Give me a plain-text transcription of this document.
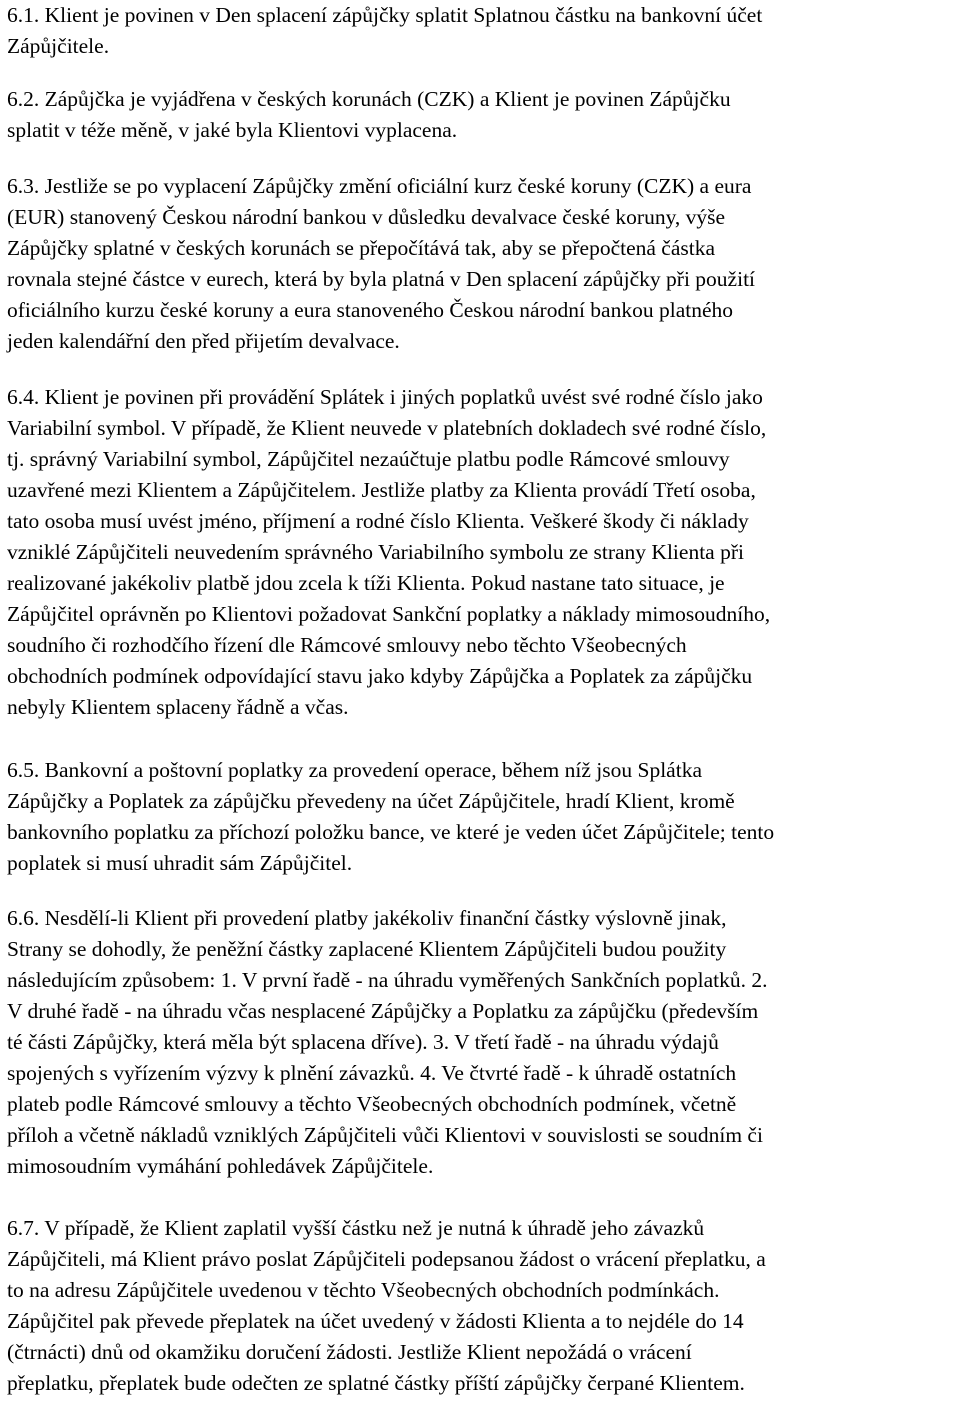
6.1. Klient je povinen v Den splacení zápůjčky splatit Splatnou částku na bankovní účet
Zápůjčitele.
6.2. Zápůjčka je vyjádřena v českých korunách (CZK) a Klient je povinen Zápůjčku
splatit v téže měně, v jaké byla Klientovi vyplacena.
6.3. Jestliže se po vyplacení Zápůjčky změní oficiální kurz české koruny (CZK) a eura
(EUR) stanovený Českou národní bankou v důsledku devalvace české koruny, výše
Zápůjčky splatné v českých korunách se přepočítává tak, aby se přepočtená částka
rovnala stejné částce v eurech, která by byla platná v Den splacení zápůjčky při použití
oficiálního kurzu české koruny a eura stanoveného Českou národní bankou platného
jeden kalendářní den před přijetím devalvace.
6.4. Klient je povinen při provádění Splátek i jiných poplatků uvést své rodné číslo jako
Variabilní symbol. V případě, že Klient neuvede v platebních dokladech své rodné číslo,
tj. správný Variabilní symbol, Zápůjčitel nezaúčtuje platbu podle Rámcové smlouvy
uzavřené mezi Klientem a Zápůjčitelem. Jestliže platby za Klienta provádí Třetí osoba,
tato osoba musí uvést jméno, příjmení a rodné číslo Klienta. Veškeré škody či náklady
vzniklé Zápůjčiteli neuvedením správného Variabilního symbolu ze strany Klienta při
realizované jakékoliv platbě jdou zcela k tíži Klienta. Pokud nastane tato situace, je
Zápůjčitel oprávněn po Klientovi požadovat Sankční poplatky a náklady mimosoudního,
soudního či rozhodčího řízení dle Rámcové smlouvy nebo těchto Všeobecných
obchodních podmínek odpovídající stavu jako kdyby Zápůjčka a Poplatek za zápůjčku
nebyly Klientem splaceny řádně a včas.
6.5. Bankovní a poštovní poplatky za provedení operace, během níž jsou Splátka
Zápůjčky a Poplatek za zápůjčku převedeny na účet Zápůjčitele, hradí Klient, kromě
bankovního poplatku za příchozí položku bance, ve které je veden účet Zápůjčitele; tento
poplatek si musí uhradit sám Zápůjčitel.
6.6. Nesdělí-li Klient při provedení platby jakékoliv finanční částky výslovně jinak,
Strany se dohodly, že peněžní částky zaplacené Klientem Zápůjčiteli budou použity
následujícím způsobem: 1. V první řadě - na úhradu vyměřených Sankčních poplatků. 2.
V druhé řadě - na úhradu včas nesplacené Zápůjčky a Poplatku za zápůjčku (především
té části Zápůjčky, která měla být splacena dříve). 3. V třetí řadě - na úhradu výdajů
spojených s vyřízením výzvy k plnění závazků. 4. Ve čtvrté řadě - k úhradě ostatních
plateb podle Rámcové smlouvy a těchto Všeobecných obchodních podmínek, včetně
příloh a včetně nákladů vzniklých Zápůjčiteli vůči Klientovi v souvislosti se soudním či
mimosoudním vymáhání pohledávek Zápůjčitele.
6.7. V případě, že Klient zaplatil vyšší částku než je nutná k úhradě jeho závazků
Zápůjčiteli, má Klient právo poslat Zápůjčiteli podepsanou žádost o vrácení přeplatku, a
to na adresu Zápůjčitele uvedenou v těchto Všeobecných obchodních podmínkách.
Zápůjčitel pak převede přeplatek na účet uvedený v žádosti Klienta a to nejdéle do 14
(čtrnácti) dnů od okamžiku doručení žádosti. Jestliže Klient nepožádá o vrácení
přeplatku, přeplatek bude odečten ze splatné částky příští zápůjčky čerpané Klientem.
